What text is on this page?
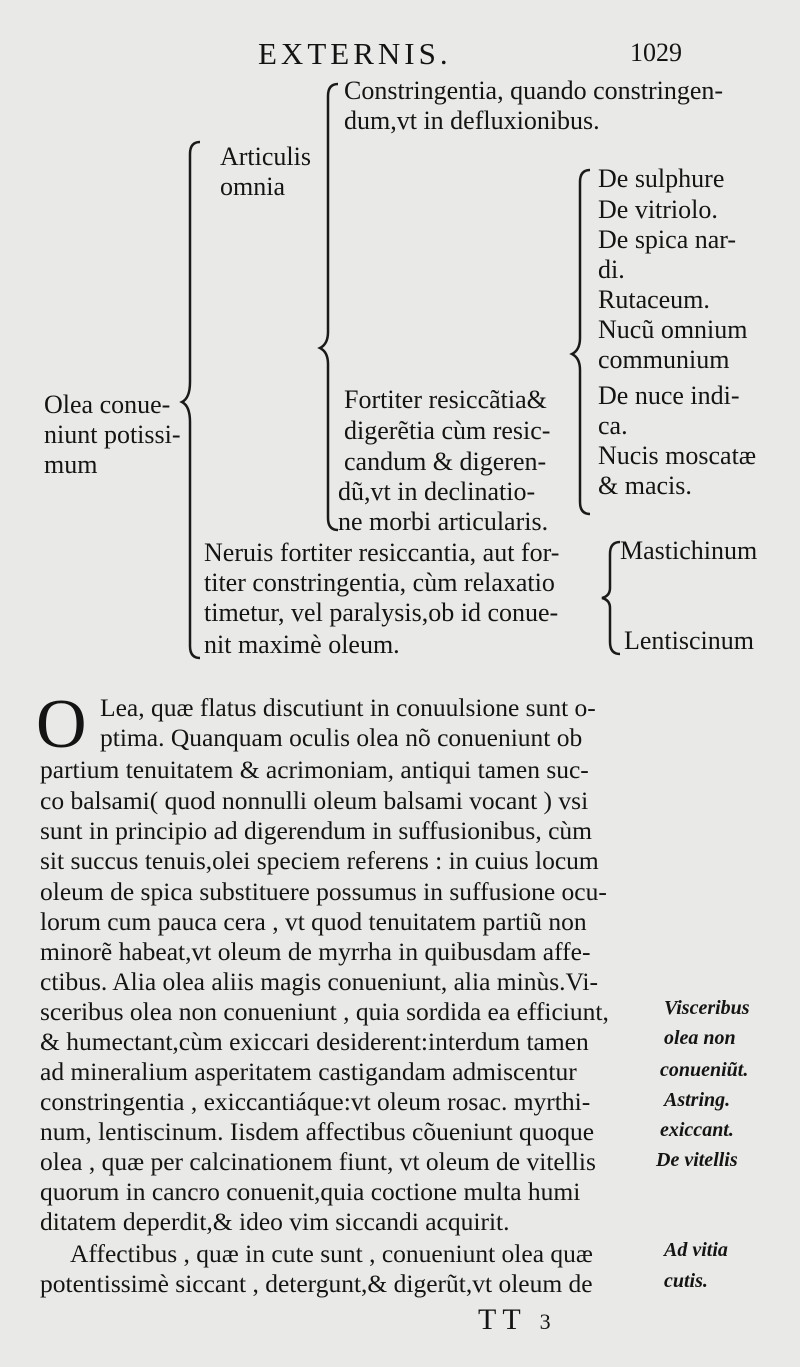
EXTERNIS.	1029
Olea conue-
niunt potissi-
mum
Articulis
omnia
Constringentia, quando constringen-
dum,vt in defluxionibus.
Fortiter resiccãtia&
digerẽtia cùm resic-
candum & digeren-
dũ,vt in declinatio-
ne morbi articularis.
De sulphure
De vitriolo.
De spica nar-
di.
Rutaceum.
Nucũ omnium
communium
De nuce indi-
ca.
Nucis moscatæ
& macis.
Neruis fortiter resiccantia, aut for-
titer constringentia, cùm relaxatio
timetur, vel paralysis,ob id conue-
nit maximè oleum.
Mastichinum
Lentiscinum
O Lea, quæ flatus discutiunt in conuulsione sunt o-
ptima. Quanquam oculis olea nõ conueniunt ob
partium tenuitatem & acrimoniam, antiqui tamen suc-
co balsami( quod nonnulli oleum balsami vocant ) vsi
sunt in principio ad digerendum in suffusionibus, cùm
sit succus tenuis,olei speciem referens : in cuius locum
oleum de spica substituere possumus in suffusione ocu-
lorum cum pauca cera , vt quod tenuitatem partiũ non
minorẽ habeat,vt oleum de myrrha in quibusdam affe-
ctibus. Alia olea aliis magis conueniunt, alia minùs.Vi-
sceribus olea non conueniunt , quia sordida ea efficiunt,
& humectant,cùm exiccari desiderent:interdum tamen
ad mineralium asperitatem castigandam admiscentur
constringentia , exiccantiáque:vt oleum rosac. myrthi-
num, lentiscinum. Iisdem affectibus cõueniunt quoque
olea , quæ per calcinationem fiunt, vt oleum de vitellis
quorum in cancro conuenit,quia coctione multa humi
ditatem deperdit,& ideo vim siccandi acquirit.
Affectibus , quæ in cute sunt , conueniunt olea quæ
potentissimè siccant , detergunt,& digerũt,vt oleum de
Visceribus
olea non
conueniũt.
Astring.
exiccant.
De vitellis
Ad vitia
cutis.
TT 3
